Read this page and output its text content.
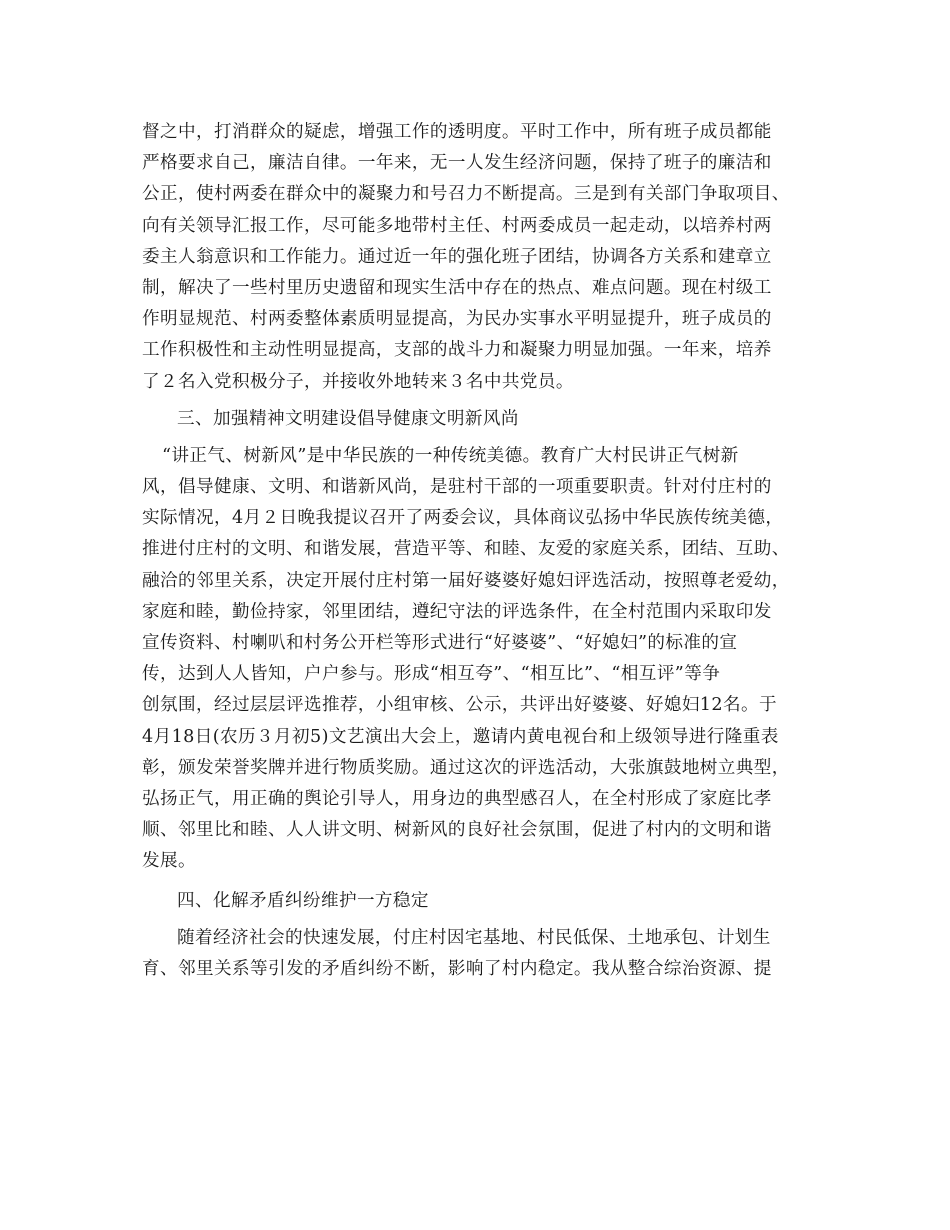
督之中，打消群众的疑虑，增强工作的透明度。平时工作中，所有班子成员都能
严格要求自己，廉洁自律。一年来，无一人发生经济问题，保持了班子的廉洁和
公正，使村两委在群众中的凝聚力和号召力不断提高。三是到有关部门争取项目、
向有关领导汇报工作，尽可能多地带村主任、村两委成员一起走动，以培养村两
委主人翁意识和工作能力。通过近一年的强化班子团结，协调各方关系和建章立
制，解决了一些村里历史遗留和现实生活中存在的热点、难点问题。现在村级工
作明显规范、村两委整体素质明显提高，为民办实事水平明显提升，班子成员的
工作积极性和主动性明显提高，支部的战斗力和凝聚力明显加强。一年来，培养
了２名入党积极分子，并接收外地转来３名中共党员。
三、加强精神文明建设倡导健康文明新风尚
“讲正气、树新风”是中华民族的一种传统美德。教育广大村民讲正气树新
风，倡导健康、文明、和谐新风尚，是驻村干部的一项重要职责。针对付庄村的
实际情况，4月２日晚我提议召开了两委会议，具体商议弘扬中华民族传统美德，
推进付庄村的文明、和谐发展，营造平等、和睦、友爱的家庭关系，团结、互助、
融洽的邻里关系，决定开展付庄村第一届好婆婆好媳妇评选活动，按照尊老爱幼，
家庭和睦，勤俭持家，邻里团结，遵纪守法的评选条件，在全村范围内采取印发
宣传资料、村喇叭和村务公开栏等形式进行“好婆婆”、“好媳妇”的标准的宣
传，达到人人皆知，户户参与。形成“相互夸”、“相互比”、“相互评”等争
创氛围，经过层层评选推荐，小组审核、公示，共评出好婆婆、好媳妇12名。于
4月18日(农历３月初5)文艺演出大会上，邀请内黄电视台和上级领导进行隆重表
彰，颁发荣誉奖牌并进行物质奖励。通过这次的评选活动，大张旗鼓地树立典型，
弘扬正气，用正确的舆论引导人，用身边的典型感召人，在全村形成了家庭比孝
顺、邻里比和睦、人人讲文明、树新风的良好社会氛围，促进了村内的文明和谐
发展。
四、化解矛盾纠纷维护一方稳定
随着经济社会的快速发展，付庄村因宅基地、村民低保、土地承包、计划生
育、邻里关系等引发的矛盾纠纷不断，影响了村内稳定。我从整合综治资源、提
